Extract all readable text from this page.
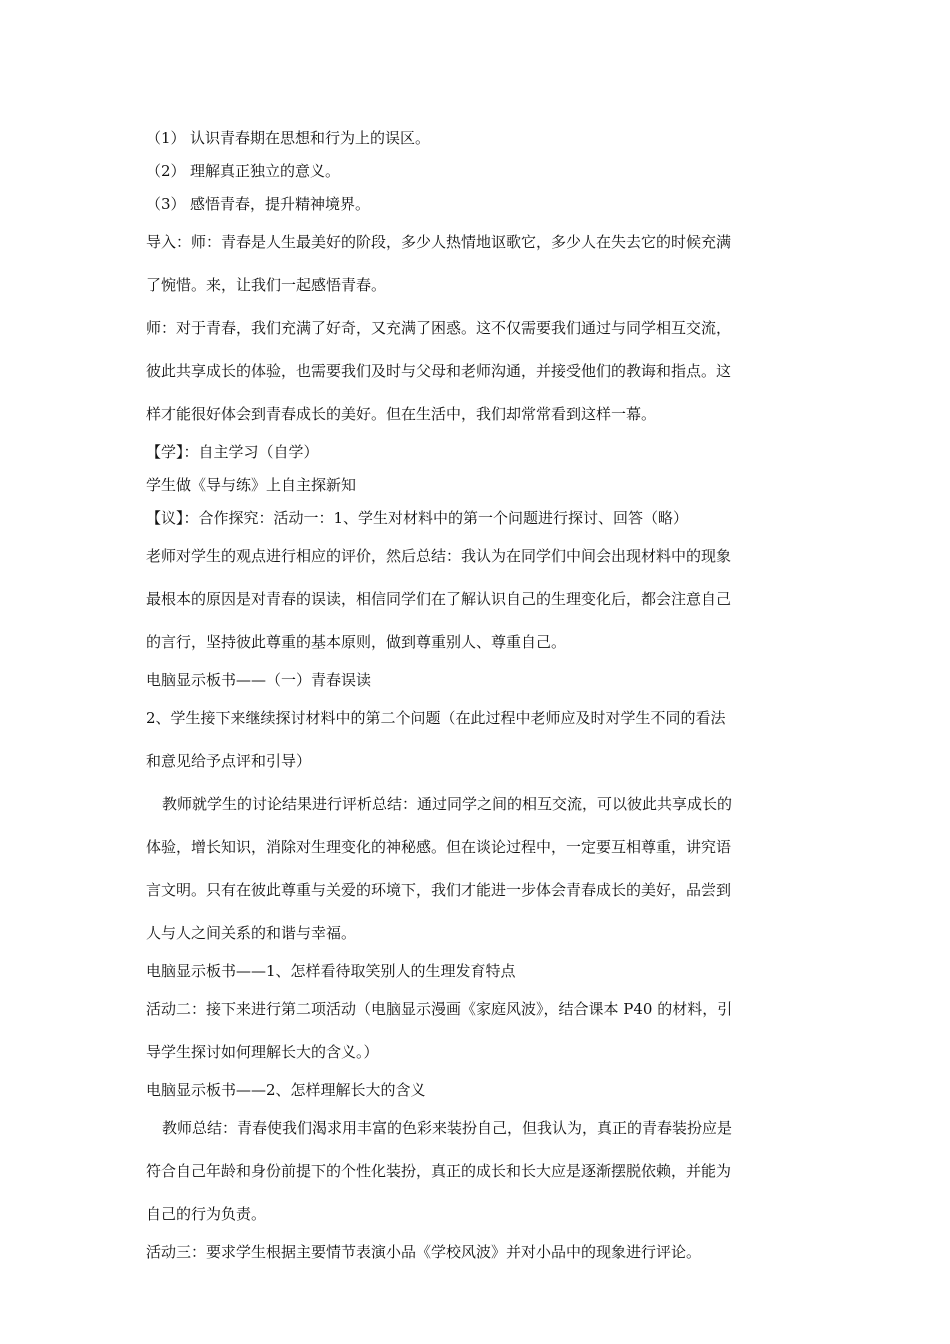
（1） 认识青春期在思想和行为上的误区。
（2） 理解真正独立的意义。
（3） 感悟青春，提升精神境界。
导入：师：青春是人生最美好的阶段，多少人热情地讴歌它，多少人在失去它的时候充满
了惋惜。来，让我们一起感悟青春。
师：对于青春，我们充满了好奇，又充满了困惑。这不仅需要我们通过与同学相互交流，
彼此共享成长的体验，也需要我们及时与父母和老师沟通，并接受他们的教诲和指点。这
样才能很好体会到青春成长的美好。但在生活中，我们却常常看到这样一幕。
【学】：自主学习（自学）
学生做《导与练》上自主探新知
【议】：合作探究：活动一：1、学生对材料中的第一个问题进行探讨、回答（略）
老师对学生的观点进行相应的评价，然后总结：我认为在同学们中间会出现材料中的现象
最根本的原因是对青春的误读，相信同学们在了解认识自己的生理变化后，都会注意自己
的言行，坚持彼此尊重的基本原则，做到尊重别人、尊重自己。
电脑显示板书——（一）青春误读
2、学生接下来继续探讨材料中的第二个问题（在此过程中老师应及时对学生不同的看法
和意见给予点评和引导）
教师就学生的讨论结果进行评析总结：通过同学之间的相互交流，可以彼此共享成长的
体验，增长知识，消除对生理变化的神秘感。但在谈论过程中，一定要互相尊重，讲究语
言文明。只有在彼此尊重与关爱的环境下，我们才能进一步体会青春成长的美好，品尝到
人与人之间关系的和谐与幸福。
电脑显示板书——1、怎样看待取笑别人的生理发育特点
活动二：接下来进行第二项活动（电脑显示漫画《家庭风波》，结合课本 P40 的材料，引
导学生探讨如何理解长大的含义。）
电脑显示板书——2、怎样理解长大的含义
教师总结：青春使我们渴求用丰富的色彩来装扮自己，但我认为，真正的青春装扮应是
符合自己年龄和身份前提下的个性化装扮，真正的成长和长大应是逐渐摆脱依赖，并能为
自己的行为负责。
活动三：要求学生根据主要情节表演小品《学校风波》并对小品中的现象进行评论。
